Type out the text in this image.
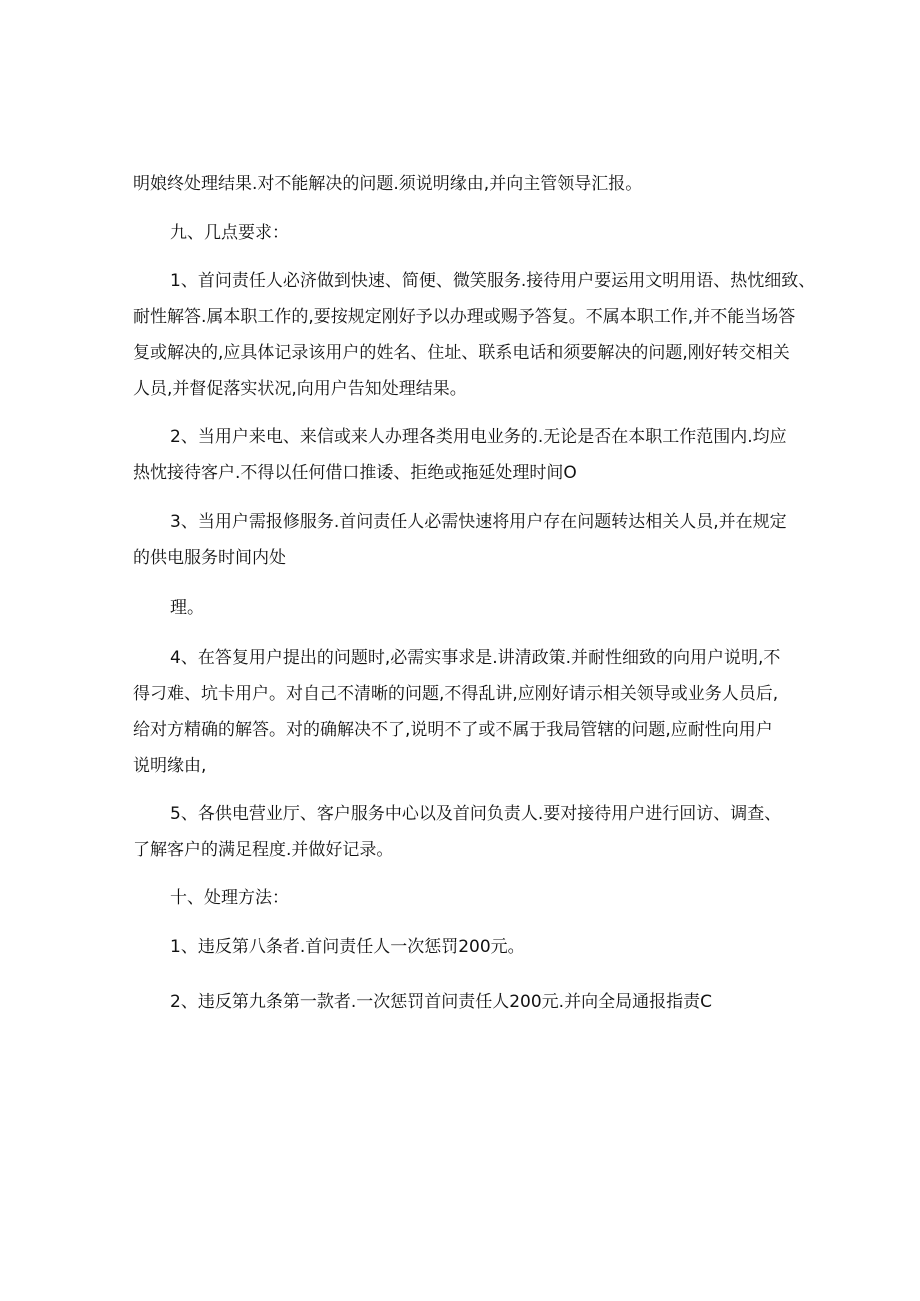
明娘终处理结果.对不能解决的问题.须说明缘由,并向主管领导汇报。

九、几点要求：

1、首问责任人必济做到快速、简便、微笑服务.接待用户要运用文明用语、热忱细致、

耐性解答.属本职工作的,要按规定刚好予以办理或赐予答复。不属本职工作,并不能当场答

复或解决的,应具体记录该用户的姓名、住址、联系电话和须要解决的问题,刚好转交相关

人员,并督促落实状况,向用户告知处理结果。

2、当用户来电、来信或来人办理各类用电业务的.无论是否在本职工作范围内.均应

热忱接待客户.不得以任何借口推诿、拒绝或拖延处理时间O

3、当用户需报修服务.首问责任人必需快速将用户存在问题转达相关人员,并在规定

的供电服务时间内处

理。

4、在答复用户提出的问题时,必需实事求是.讲清政策.并耐性细致的向用户说明,不

得刁难、坑卡用户。对自己不清晰的问题,不得乱讲,应刚好请示相关领导或业务人员后,

给对方精确的解答。对的确解决不了,说明不了或不属于我局管辖的问题,应耐性向用户

说明缘由,

5、各供电营业厅、客户服务中心以及首问负责人.要对接待用户进行回访、调查、

了解客户的满足程度.并做好记录。

十、处理方法：

1、违反第八条者.首问责任人一次惩罚200元。

2、违反第九条第一款者.一次惩罚首问责任人200元.并向全局通报指责C
